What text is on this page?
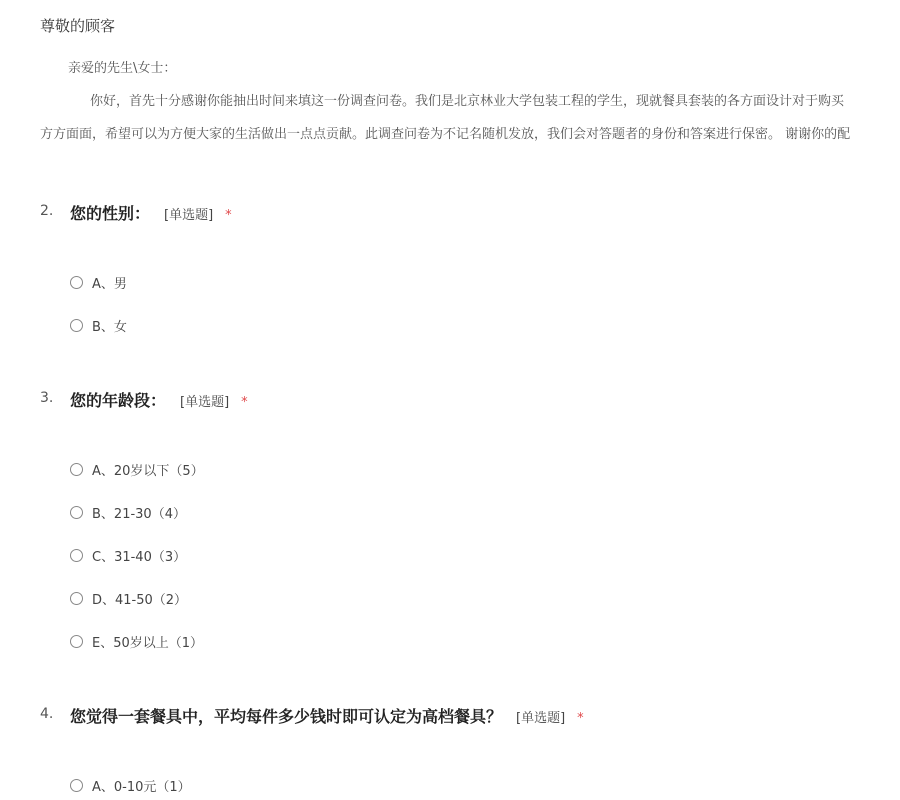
尊敬的顾客
亲爱的先生\女士：
你好，首先十分感谢你能抽出时间来填这一份调查问卷。我们是北京林业大学包装工程的学生，现就餐具套装的各方面设计对于购买
方方面面，希望可以为方便大家的生活做出一点点贡献。此调查问卷为不记名随机发放，我们会对答题者的身份和答案进行保密。 谢谢你的配
2. 您的性别： [单选题] *
A、男
B、女
3. 您的年龄段： [单选题] *
A、20岁以下（5）
B、21-30（4）
C、31-40（3）
D、41-50（2）
E、50岁以上（1）
4. 您觉得一套餐具中，平均每件多少钱时即可认定为高档餐具？ [单选题] *
A、0-10元（1）
